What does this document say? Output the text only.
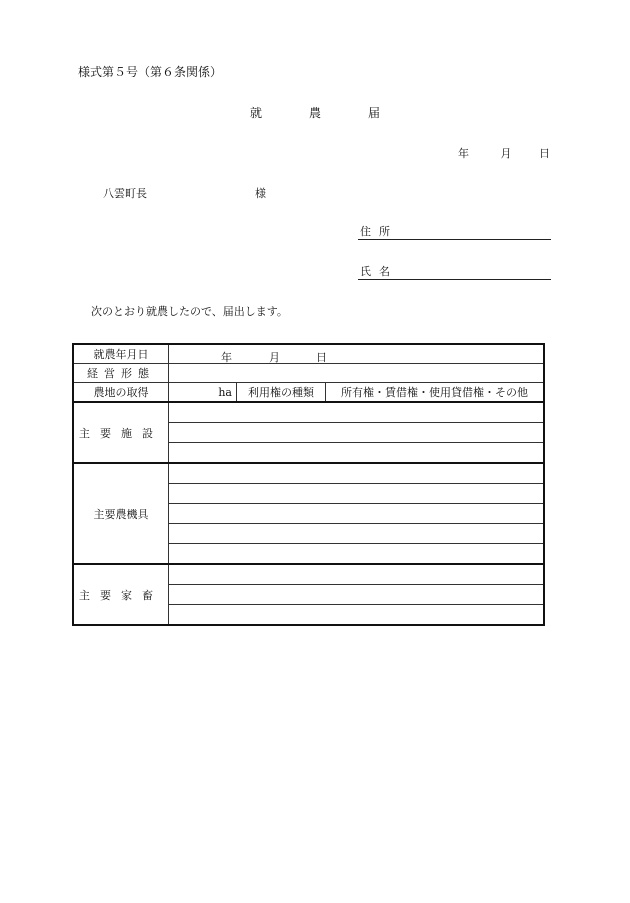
様式第５号（第６条関係）
就	農	届
年	月	日
八雲町長	様
住所
氏名
次のとおり就農したので、届出します。
就農年月日	年 月 日

経営形態	
農地の取得	ha 利用権の種類 所有権・賃借権・使用貸借権・その他

主要施設	

主要農機具	

主要家畜	
